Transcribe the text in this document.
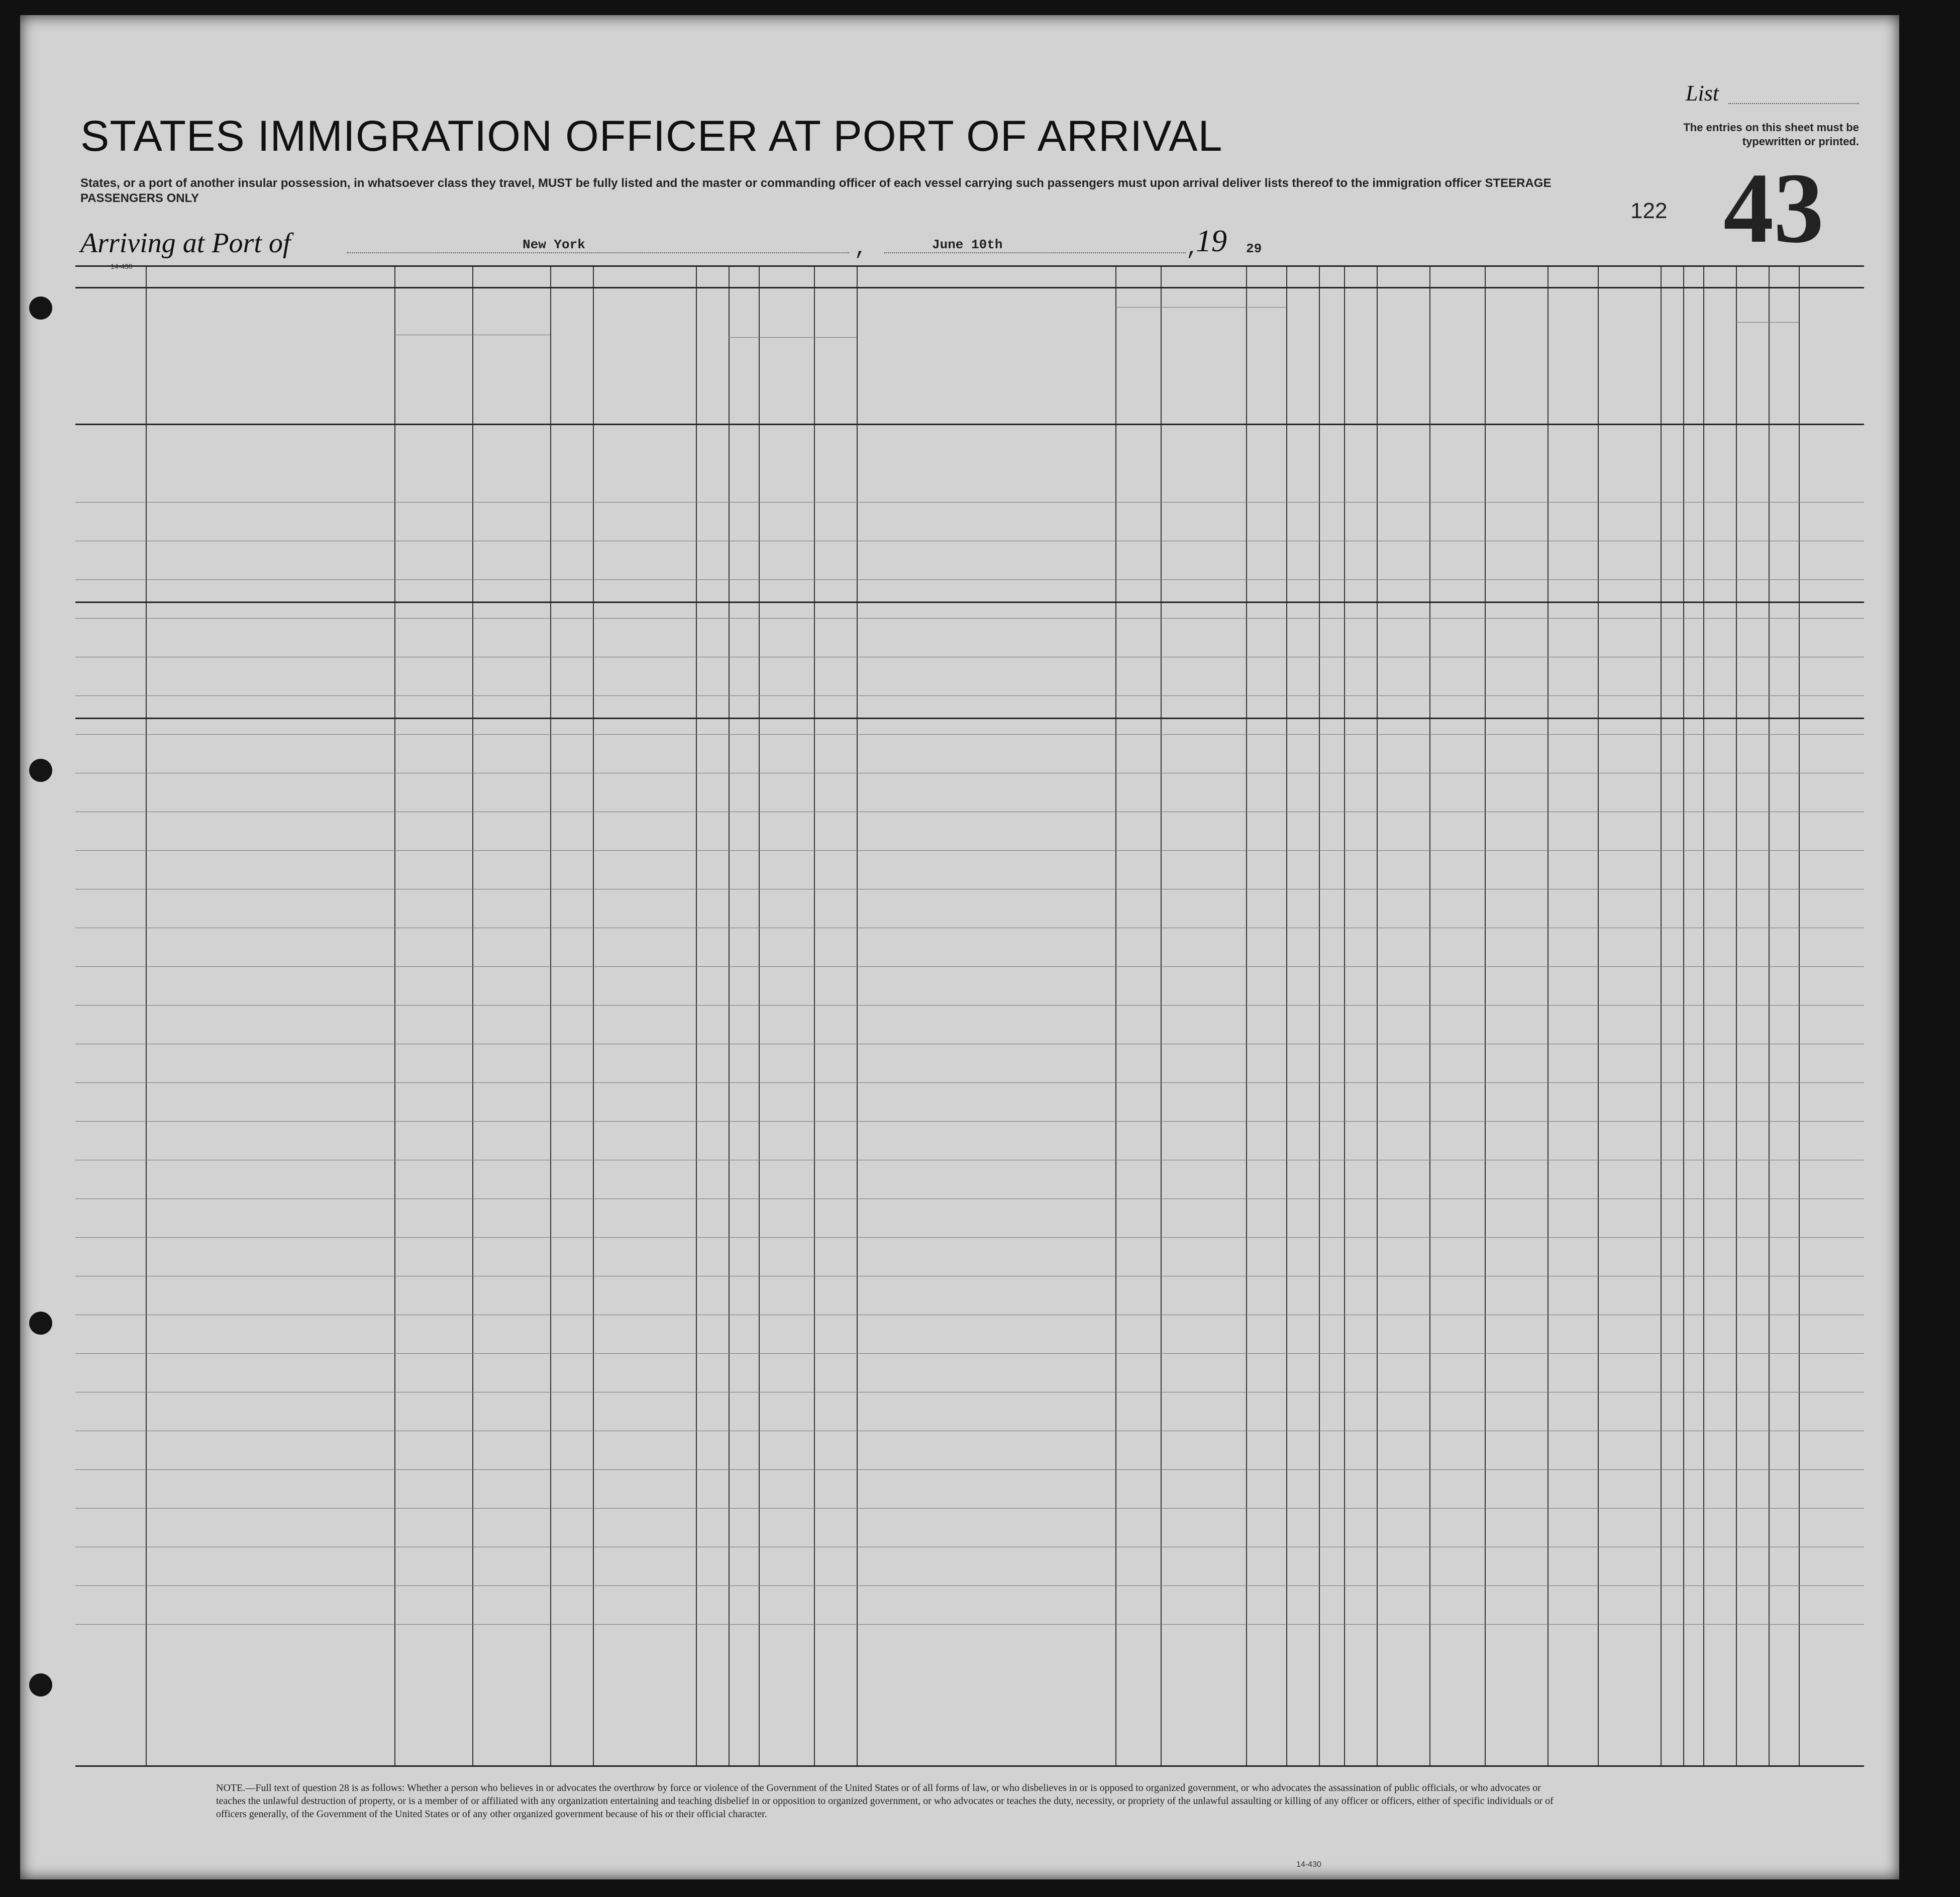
STATES IMMIGRATION OFFICER AT PORT OF ARRIVAL
States, or a port of another insular possession, in whatsoever class they travel, MUST be fully listed and the master or commanding officer of each vessel carrying such passengers must upon arrival deliver lists thereof to the immigration officer STEERAGE PASSENGERS ONLY
Arriving at Port of	New York	,	June 10th	,
19 29
List
The entries on this sheet must be typewritten or printed.
43
122
14-430
NOTE.—Full text of question 28 is as follows: Whether a person who believes in or advocates the overthrow by force or violence of the Government of the United States or of all forms of law, or who disbelieves in or is opposed to organized government, or who advocates the assassination of public officials, or who advocates or teaches the unlawful destruction of property, or is a member of or affiliated with any organization entertaining and teaching disbelief in or opposition to organized government, or who advocates or teaches the duty, necessity, or propriety of the unlawful assaulting or killing of any officer or officers, either of specific individuals or of officers generally, of the Government of the United States or of any other organized government because of his or their official character.
14-430
